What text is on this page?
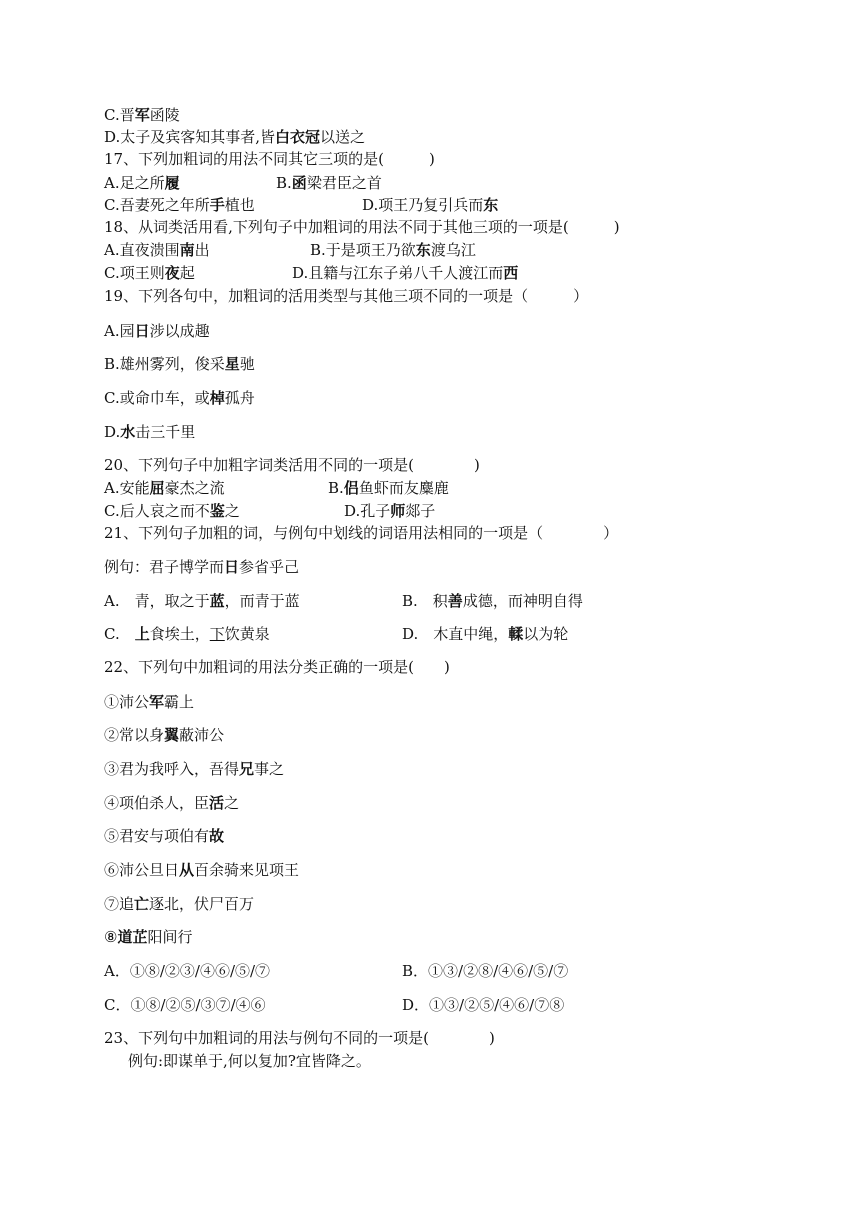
C.晋军函陵
D.太子及宾客知其事者,皆白衣冠以送之
17、下列加粗词的用法不同其它三项的是(　　　)
A.足之所履	B.函梁君臣之首
C.吾妻死之年所手植也	D.项王乃复引兵而东
18、从词类活用看,下列句子中加粗词的用法不同于其他三项的一项是(　　　)
A.直夜溃围南出	B.于是项王乃欲东渡乌江
C.项王则夜起	D.且籍与江东子弟八千人渡江而西
19、下列各句中，加粗词的活用类型与其他三项不同的一项是（　　　）
A.园日涉以成趣
B.雄州雾列，俊采星驰
C.或命巾车，或棹孤舟
D.水击三千里
20、下列句子中加粗字词类活用不同的一项是(　　　　)
A.安能屈豪杰之流	B.侣鱼虾而友麋鹿
C.后人哀之而不鉴之	D.孔子师郯子
21、下列句子加粗的词，与例句中划线的词语用法相同的一项是（　　　　）
例句：君子博学而日参省乎己
A.　青，取之于蓝，而青于蓝	B.　积善成德，而神明自得
C.　上食埃土，下饮黄泉	D.　木直中绳，輮以为轮
22、下列句中加粗词的用法分类正确的一项是(　　)
①沛公军霸上
②常以身翼蔽沛公
③君为我呼入，吾得兄事之
④项伯杀人，臣活之
⑤君安与项伯有故
⑥沛公旦日从百余骑来见项王
⑦追亡逐北，伏尸百万
⑧道芷阳间行
A．①⑧/②③/④⑥/⑤/⑦	B．①③/②⑧/④⑥/⑤/⑦
C．①⑧/②⑤/③⑦/④⑥	D．①③/②⑤/④⑥/⑦⑧
23、下列句中加粗词的用法与例句不同的一项是(　　　　)
例句:即谋单于,何以复加?宜皆降之。
